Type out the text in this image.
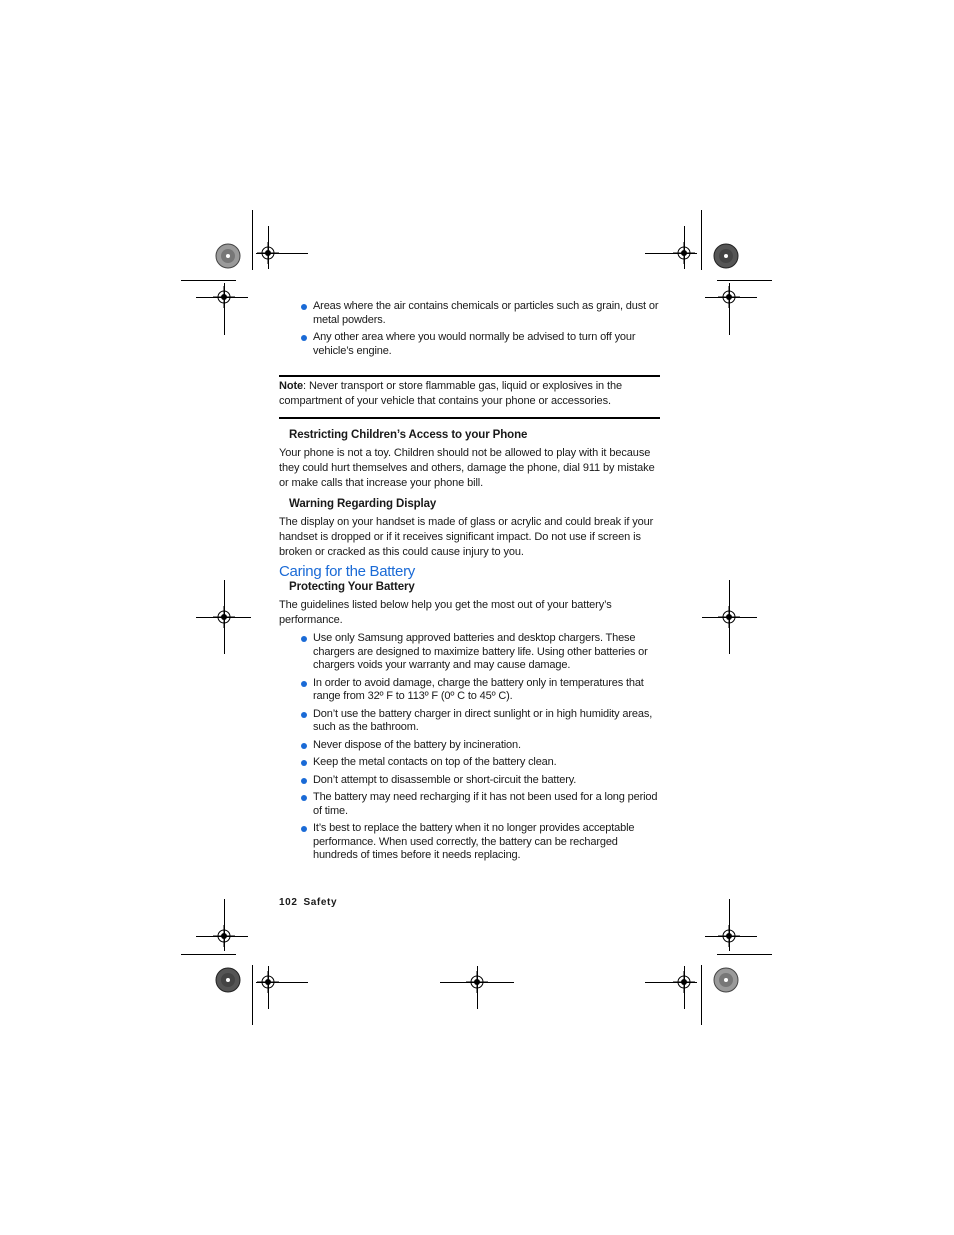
Areas where the air contains chemicals or particles such as grain, dust or metal powders.
Any other area where you would normally be advised to turn off your vehicle’s engine.
Note: Never transport or store flammable gas, liquid or explosives in the compartment of your vehicle that contains your phone or accessories.
Restricting Children’s Access to your Phone

Your phone is not a toy. Children should not be allowed to play with it because they could hurt themselves and others, damage the phone, dial 911 by mistake or make calls that increase your phone bill.

Warning Regarding Display

The display on your handset is made of glass or acrylic and could break if your handset is dropped or if it receives significant impact. Do not use if screen is broken or cracked as this could cause injury to you.

Caring for the Battery
Protecting Your Battery

The guidelines listed below help you get the most out of your battery’s performance.

Use only Samsung approved batteries and desktop chargers. These chargers are designed to maximize battery life. Using other batteries or chargers voids your warranty and may cause damage.
In order to avoid damage, charge the battery only in temperatures that range from 32º F to 113º F (0º C to 45º C).
Don’t use the battery charger in direct sunlight or in high humidity areas, such as the bathroom.
Never dispose of the battery by incineration.
Keep the metal contacts on top of the battery clean.
Don’t attempt to disassemble or short-circuit the battery.
The battery may need recharging if it has not been used for a long period of time.
It’s best to replace the battery when it no longer provides acceptable performance. When used correctly, the battery can be recharged hundreds of times before it needs replacing.
102 Safety
